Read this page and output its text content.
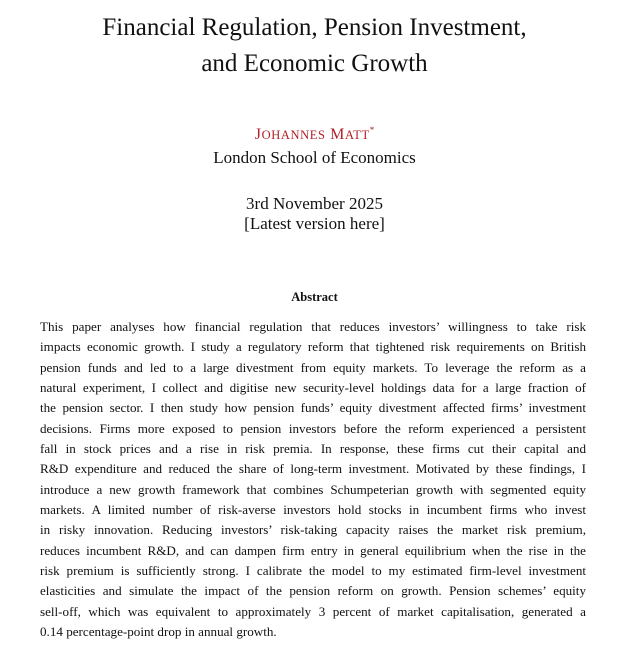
Financial Regulation, Pension Investment,
and Economic Growth
JOHANNES MATT*
London School of Economics
3rd November 2025
[Latest version here]
Abstract
This paper analyses how financial regulation that reduces investors’ willingness to take risk
impacts economic growth. I study a regulatory reform that tightened risk requirements on British
pension funds and led to a large divestment from equity markets. To leverage the reform as a
natural experiment, I collect and digitise new security-level holdings data for a large fraction of
the pension sector. I then study how pension funds’ equity divestment affected firms’ investment
decisions. Firms more exposed to pension investors before the reform experienced a persistent
fall in stock prices and a rise in risk premia. In response, these firms cut their capital and
R&D expenditure and reduced the share of long-term investment. Motivated by these findings, I
introduce a new growth framework that combines Schumpeterian growth with segmented equity
markets. A limited number of risk-averse investors hold stocks in incumbent firms who invest
in risky innovation. Reducing investors’ risk-taking capacity raises the market risk premium,
reduces incumbent R&D, and can dampen firm entry in general equilibrium when the rise in the
risk premium is sufficiently strong. I calibrate the model to my estimated firm-level investment
elasticities and simulate the impact of the pension reform on growth. Pension schemes’ equity
sell-off, which was equivalent to approximately 3 percent of market capitalisation, generated a
0.14 percentage-point drop in annual growth.
